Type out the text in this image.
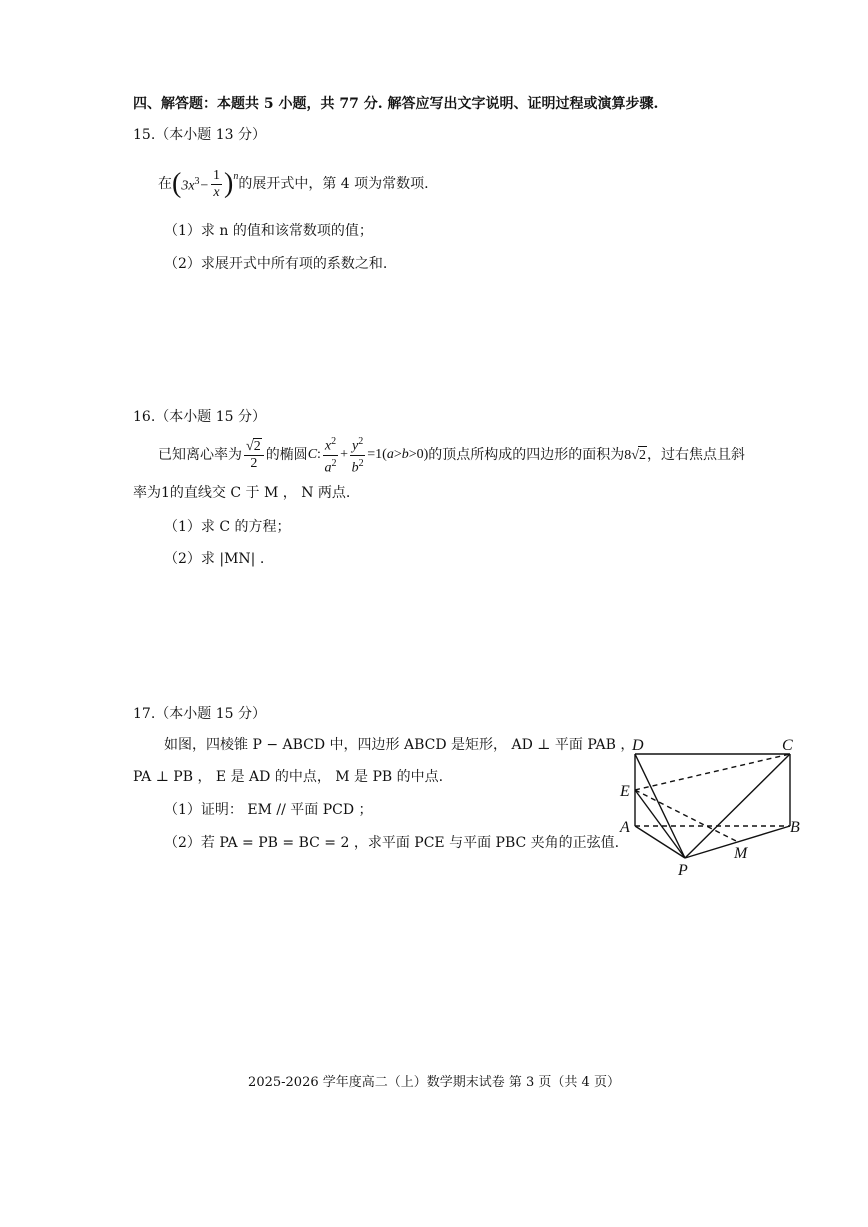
四、解答题：本题共 5 小题，共 77 分. 解答应写出文字说明、证明过程或演算步骤.
15.（本小题 13 分）
在 ( $3x^3- \frac{1}{x} )^n$ 的展开式中，第 4 项为常数项.
（1）求 n 的值和该常数项的值；
（2）求展开式中所有项的系数之和.
16.（本小题 15 分）
已知离心率为 $\frac{√2}{2}$ 的椭圆 C : $\frac{x^2}{a^2} + \frac{y^2}{b^2} =1$( a > b >0) 的顶点所构成的四边形的面积为 8√2 ，过右焦点且斜
率为1的直线交 C 于 M ， N 两点.
（1）求 C 的方程；
（2）求 |MN| .
17.（本小题 15 分）
如图，四棱锥 P − ABCD 中，四边形 ABCD 是矩形， AD ⊥ 平面 PAB ，
PA ⊥ PB ， E 是 AD 的中点， M 是 PB 的中点.
（1）证明： EM // 平面 PCD ；
（2）若 PA = PB = BC = 2 ，求平面 PCE 与平面 PBC 夹角的正弦值.
D	C
E
A	B
M
P
2025-2026 学年度高二（上）数学期末试卷 第 3 页（共 4 页）
